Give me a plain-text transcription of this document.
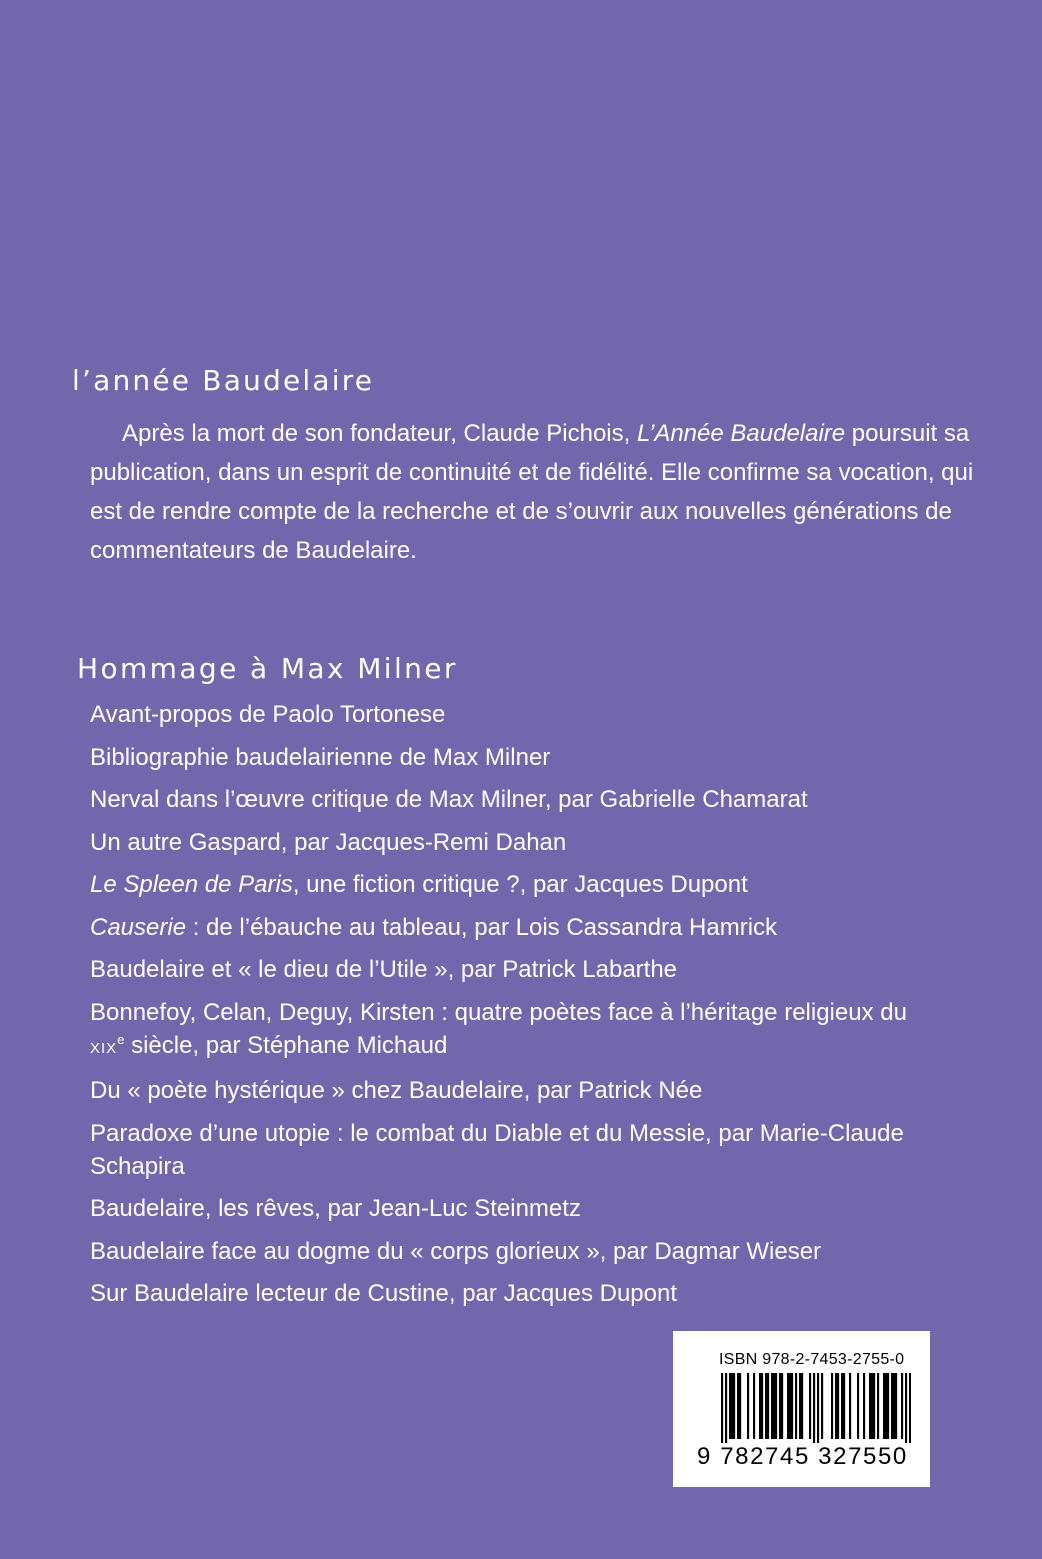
l’année Baudelaire
Après la mort de son fondateur, Claude Pichois, L’Année Baudelaire poursuit sa publication, dans un esprit de continuité et de fidélité. Elle confirme sa vocation, qui est de rendre compte de la recherche et de s’ouvrir aux nouvelles générations de commentateurs de Baudelaire.
Hommage à Max Milner
Avant-propos de Paolo Tortonese
Bibliographie baudelairienne de Max Milner
Nerval dans l’œuvre critique de Max Milner, par Gabrielle Chamarat
Un autre Gaspard, par Jacques-Remi Dahan
Le Spleen de Paris, une fiction critique ?, par Jacques Dupont
Causerie : de l’ébauche au tableau, par Lois Cassandra Hamrick
Baudelaire et « le dieu de l’Utile », par Patrick Labarthe
Bonnefoy, Celan, Deguy, Kirsten : quatre poètes face à l’héritage religieux du XIXe siècle, par Stéphane Michaud
Du « poète hystérique » chez Baudelaire, par Patrick Née
Paradoxe d’une utopie : le combat du Diable et du Messie, par Marie-Claude Schapira
Baudelaire, les rêves, par Jean-Luc Steinmetz
Baudelaire face au dogme du « corps glorieux », par Dagmar Wieser
Sur Baudelaire lecteur de Custine, par Jacques Dupont
ISBN 978-2-7453-2755-0
9 782745 327550
